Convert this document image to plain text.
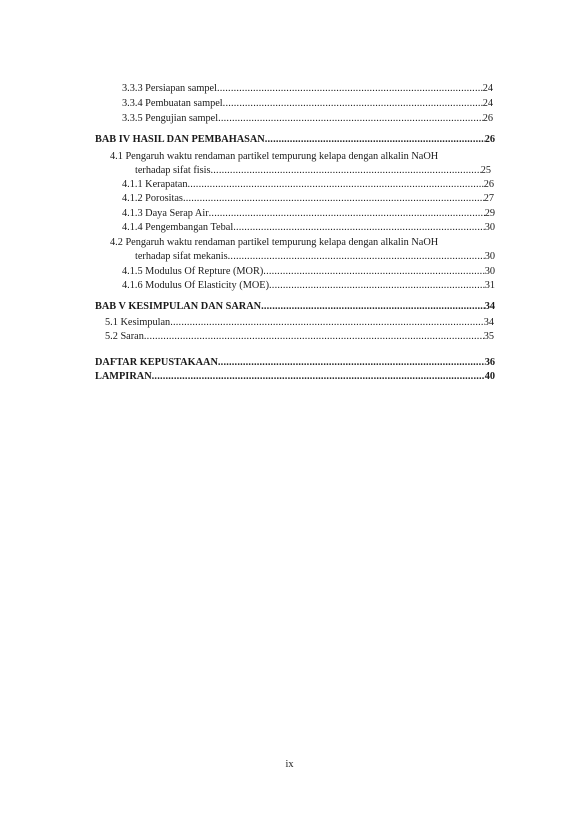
3.3.3 Persiapan sampel .....	24
3.3.4 Pembuatan sampel .....	24
3.3.5 Pengujian sampel .....	26
BAB IV HASIL DAN PEMBAHASAN .....	26
4.1 Pengaruh waktu rendaman partikel tempurung kelapa dengan alkalin NaOH
terhadap sifat fisis .....	25
4.1.1 Kerapatan .....	26
4.1.2 Porositas .....	27
4.1.3 Daya Serap Air .....	29
4.1.4 Pengembangan Tebal .....	30
4.2 Pengaruh waktu rendaman partikel tempurung kelapa dengan alkalin NaOH
terhadap sifat mekanis .....	30
4.1.5 Modulus Of Repture (MOR) .....	30
4.1.6 Modulus Of Elasticity (MOE) .....	31
BAB V KESIMPULAN DAN SARAN .....	34
5.1 Kesimpulan .....	34
5.2 Saran .....	35
DAFTAR KEPUSTAKAAN .....	36
LAMPIRAN .....	40
ix
